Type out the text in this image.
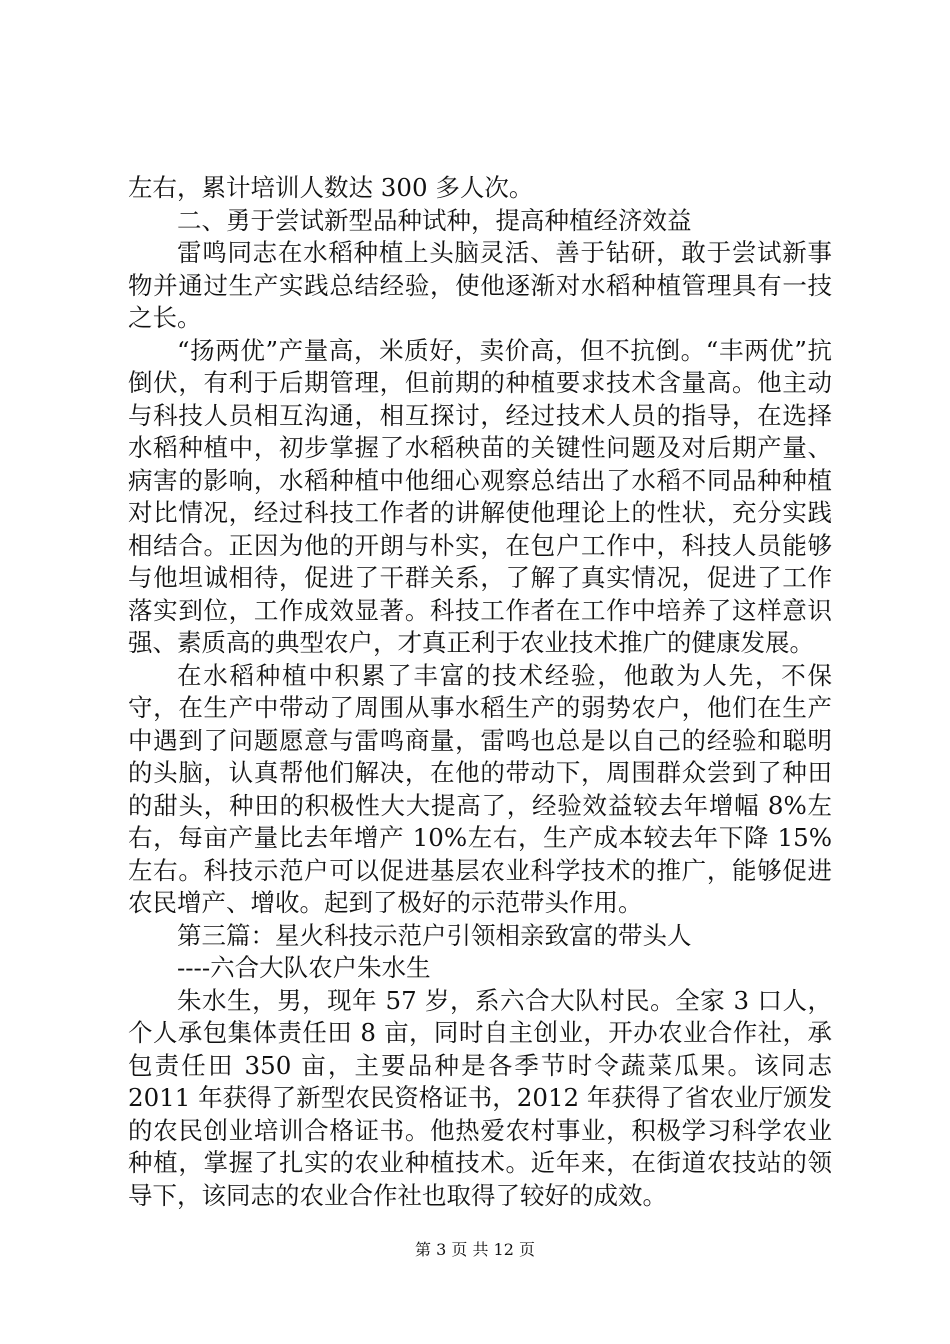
左右，累计培训人数达 300 多人次。

二、勇于尝试新型品种试种，提高种植经济效益

雷鸣同志在水稻种植上头脑灵活、善于钻研，敢于尝试新事物并通过生产实践总结经验，使他逐渐对水稻种植管理具有一技之长。

“扬两优”产量高，米质好，卖价高，但不抗倒。“丰两优”抗倒伏，有利于后期管理，但前期的种植要求技术含量高。他主动与科技人员相互沟通，相互探讨，经过技术人员的指导，在选择水稻种植中，初步掌握了水稻秧苗的关键性问题及对后期产量、病害的影响，水稻种植中他细心观察总结出了水稻不同品种种植对比情况，经过科技工作者的讲解使他理论上的性状，充分实践相结合。正因为他的开朗与朴实，在包户工作中，科技人员能够与他坦诚相待，促进了干群关系，了解了真实情况，促进了工作落实到位，工作成效显著。科技工作者在工作中培养了这样意识强、素质高的典型农户，才真正利于农业技术推广的健康发展。

在水稻种植中积累了丰富的技术经验，他敢为人先，不保守，在生产中带动了周围从事水稻生产的弱势农户，他们在生产中遇到了问题愿意与雷鸣商量，雷鸣也总是以自己的经验和聪明的头脑，认真帮他们解决，在他的带动下，周围群众尝到了种田的甜头，种田的积极性大大提高了，经验效益较去年增幅 8%左右，每亩产量比去年增产 10%左右，生产成本较去年下降 15%左右。科技示范户可以促进基层农业科学技术的推广，能够促进农民增产、增收。起到了极好的示范带头作用。

第三篇：星火科技示范户引领相亲致富的带头人

----六合大队农户朱水生

朱水生，男，现年 57 岁，系六合大队村民。全家 3 口人，个人承包集体责任田 8 亩，同时自主创业，开办农业合作社，承包责任田 350 亩，主要品种是各季节时令蔬菜瓜果。该同志 2011 年获得了新型农民资格证书，2012 年获得了省农业厅颁发的农民创业培训合格证书。他热爱农村事业，积极学习科学农业种植，掌握了扎实的农业种植技术。近年来，在街道农技站的领导下，该同志的农业合作社也取得了较好的成效。

第 3 页 共 12 页
